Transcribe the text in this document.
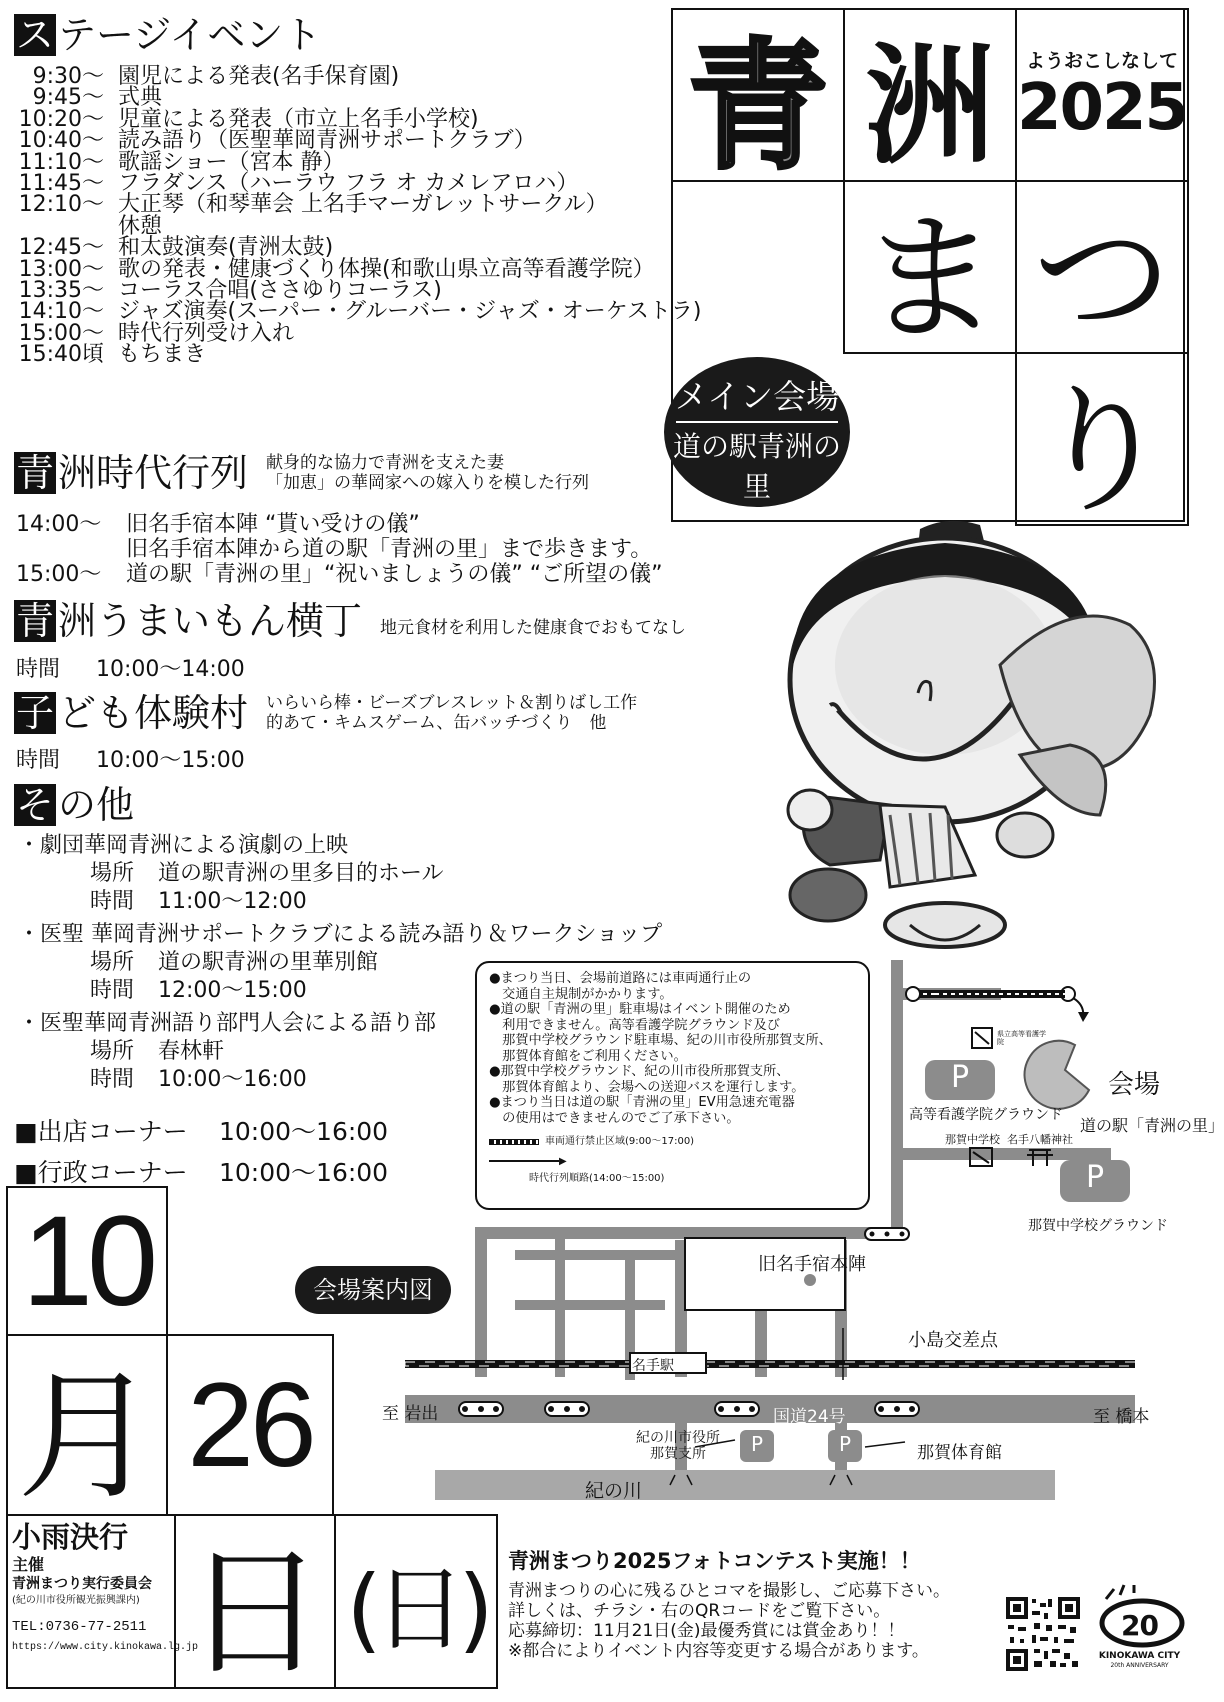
ス テージイベント
9:30～ 園児による発表(名手保育園)
9:45～ 式典
10:20～ 児童による発表（市立上名手小学校)
10:40～ 読み語り（医聖華岡青洲サポートクラブ）
11:10～ 歌謡ショー（宮本 静）
11:45～ フラダンス（ハーラウ フラ オ カメレアロハ）
12:10～ 大正琴（和琴華会 上名手マーガレットサークル）
休憩
12:45～ 和太鼓演奏(青洲太鼓)
13:00～ 歌の発表・健康づくり体操(和歌山県立高等看護学院）
13:35～ コーラス合唱(ささゆりコーラス)
14:10～ ジャズ演奏(スーパー・グルーバー・ジャズ・オーケストラ)
15:00～ 時代行列受け入れ
15:40頃 もちまき
青 洲時代行列 献身的な協力で青洲を支えた妻
「加恵」の華岡家への嫁入りを模した行列
14:00～ 旧名手宿本陣 “貰い受けの儀”
旧名手宿本陣から道の駅「青洲の里」まで歩きます。
15:00～ 道の駅「青洲の里」“祝いましょうの儀” “ご所望の儀”
青 洲うまいもん横丁 地元食材を利用した健康食でおもてなし
時間 10:00～14:00
子 ども体験村 いらいら棒・ビーズブレスレット＆割りばし工作
的あて・キムスゲーム、缶バッチづくり　他
時間 10:00～15:00
そ の他
・劇団華岡青洲による演劇の上映
場所 道の駅青洲の里多目的ホール
時間 11:00～12:00
・医聖 華岡青洲サポートクラブによる読み語り＆ワークショップ
場所 道の駅青洲の里華別館
時間 12:00～15:00
・医聖華岡青洲語り部門人会による語り部
場所 春林軒
時間 10:00～16:00
■出店コーナー 10:00～16:00
■行政コーナー 10:00～16:00
青 洲 ようおこしなして
2025
ま つ
り
メイン会場
道の駅青洲の里
10
月 26
日 (日)
小雨決行
主催
青洲まつり実行委員会
(紀の川市役所観光振興課内)
TEL:0736-77-2511
https://www.city.kinokawa.lg.jp
会場案内図
会場
道の駅「青洲の里」
県立高等看護学院
高等看護学院グラウンド
那賀中学校 名手八幡神社
那賀中学校グラウンド
旧名手宿本陣
小島交差点
名手駅
至 岩出	国道24号	至 橋本
紀の川市役所
那賀支所	那賀体育館
紀の川
P
P
P	P
●まつり当日、会場前道路には車両通行止の
　交通自主規制がかかります。
●道の駅「青洲の里」駐車場はイベント開催のため
　利用できません。高等看護学院グラウンド及び
　那賀中学校グラウンド駐車場、紀の川市役所那賀支所、
　那賀体育館をご利用ください。
●那賀中学校グラウンド、紀の川市役所那賀支所、
　那賀体育館より、会場への送迎バスを運行します。
●まつり当日は道の駅「青洲の里」EV用急速充電器
　の使用はできませんのでご了承下さい。
車両通行禁止区域(9:00～17:00)
▶
時代行列順路(14:00～15:00)
青洲まつり2025フォトコンテスト実施！！
青洲まつりの心に残るひとコマを撮影し、ご応募下さい。
詳しくは、チラシ・右のQRコードをご覧下さい。
応募締切：11月21日(金)最優秀賞には賞金あり！！
※都合によりイベント内容等変更する場合があります。
20
KINOKAWA CITY
20th ANNIVERSARY
